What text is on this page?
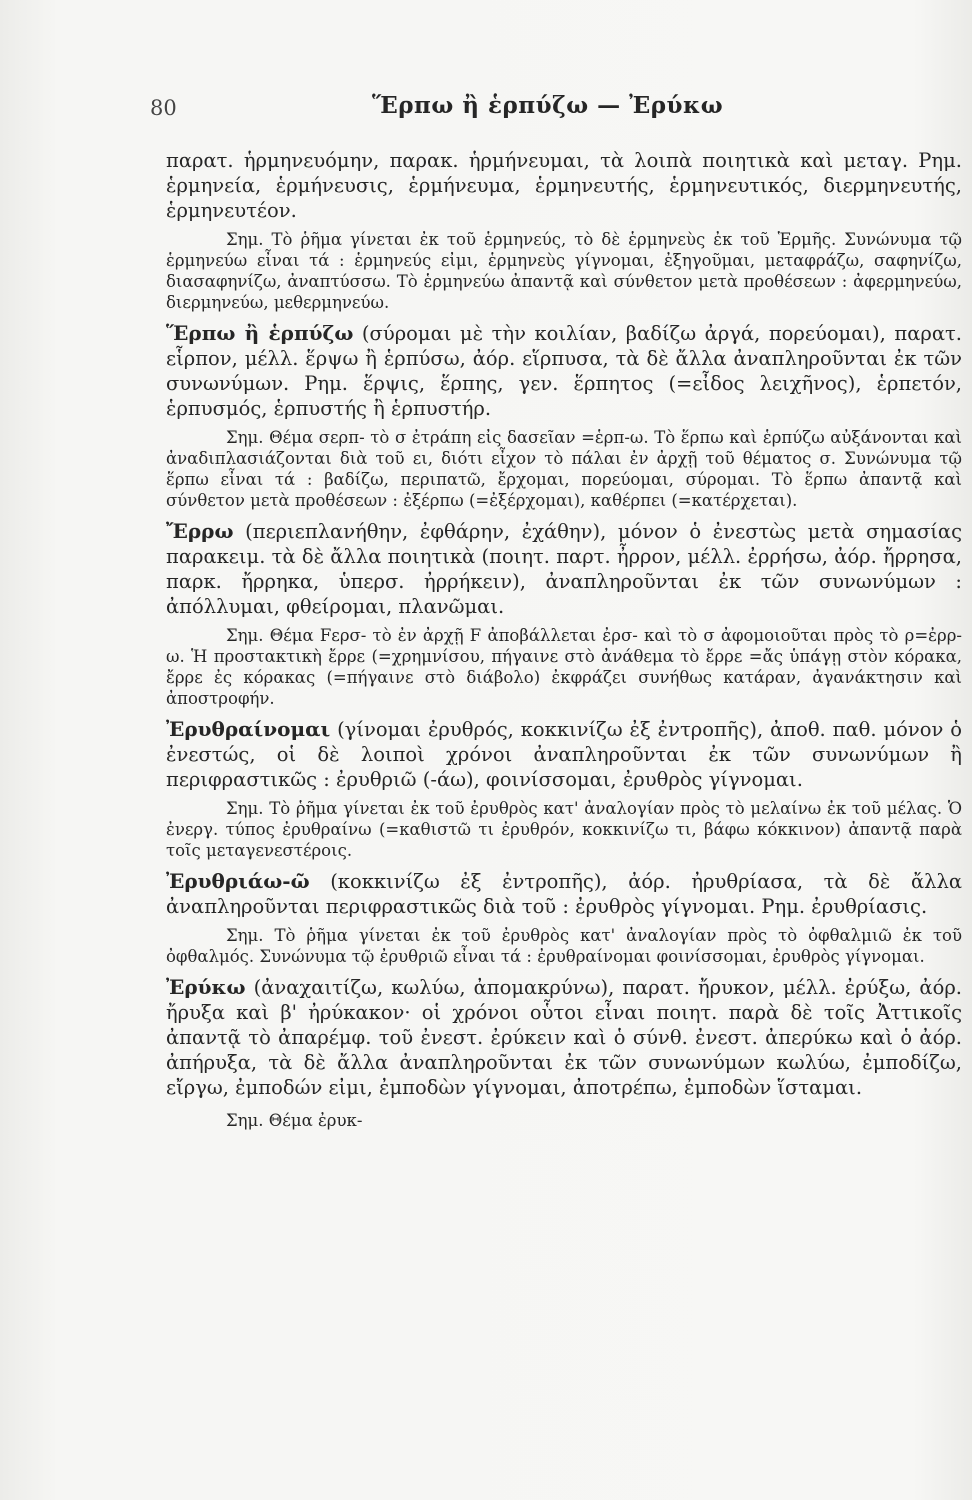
80	Ἕρπω ἢ ἑρπύζω — Ἐρύκω

παρατ. ἡρμηνευόμην, παρακ. ἡρμήνευμαι, τὰ λοιπὰ ποιητικὰ καὶ μεταγ. Ρημ. ἑρμηνεία, ἑρμήνευσις, ἑρμήνευμα, ἑρμηνευτής, ἑρμηνευτικός, διερμηνευτής, ἑρμηνευτέον.

Σημ. Τὸ ῥῆμα γίνεται ἐκ τοῦ ἑρμηνεύς, τὸ δὲ ἑρμηνεὺς ἐκ τοῦ Ἑρμῆς. Συνώνυμα τῷ ἑρμηνεύω εἶναι τά : ἑρμηνεύς εἰμι, ἑρμηνεὺς γίγνομαι, ἐξηγοῦμαι, μεταφράζω, σαφηνίζω, διασαφηνίζω, ἀναπτύσσω. Τὸ ἑρμηνεύω ἀπαντᾷ καὶ σύνθετον μετὰ προθέσεων : ἀφερμηνεύω, διερμηνεύω, μεθερμηνεύω.

Ἕρπω ἢ ἑρπύζω (σύρομαι μὲ τὴν κοιλίαν, βαδίζω ἀργά, πορεύομαι), παρατ. εἷρπον, μέλλ. ἕρψω ἢ ἑρπύσω, ἀόρ. εἵρπυσα, τὰ δὲ ἄλλα ἀναπληροῦνται ἐκ τῶν συνωνύμων. Ρημ. ἕρψις, ἕρπης, γεν. ἕρπητος (=εἶδος λειχῆνος), ἑρπετόν, ἑρπυσμός, ἑρπυστής ἢ ἑρπυστήρ.

Σημ. Θέμα σερπ- τὸ σ ἐτράπη εἰς δασεῖαν =ἑρπ-ω. Τὸ ἕρπω καὶ ἑρπύζω αὐξάνονται καὶ ἀναδιπλασιάζονται διὰ τοῦ ει, διότι εἶχον τὸ πάλαι ἐν ἀρχῇ τοῦ θέματος σ. Συνώνυμα τῷ ἕρπω εἶναι τά : βαδίζω, περιπατῶ, ἔρχομαι, πορεύομαι, σύρομαι. Τὸ ἕρπω ἀπαντᾷ καὶ σύνθετον μετὰ προθέσεων : ἐξέρπω (=ἐξέρχομαι), καθέρπει (=κατέρχεται).

Ἔρρω (περιεπλανήθην, ἐφθάρην, ἐχάθην), μόνον ὁ ἐνεστὼς μετὰ σημασίας παρακειμ. τὰ δὲ ἄλλα ποιητικὰ (ποιητ. παρτ. ἦρρον, μέλλ. ἐρρήσω, ἀόρ. ἤρρησα, παρκ. ἤρρηκα, ὑπερσ. ἠρρήκειν), ἀναπληροῦνται ἐκ τῶν συνωνύμων : ἀπόλλυμαι, φθείρομαι, πλανῶμαι.

Σημ. Θέμα Fερσ- τὸ ἐν ἀρχῇ F ἀποβάλλεται ἐρσ- καὶ τὸ σ ἀφομοιοῦται πρὸς τὸ ρ=ἐρρ-ω. Ἡ προστακτικὴ ἔρρε (=χρημνίσου, πήγαινε στὸ ἀνάθεμα τὸ ἔρρε =ἄς ὑπάγῃ στὸν κόρακα, ἔρρε ἐς κόρακας (=πήγαινε στὸ διάβολο) ἐκφράζει συνήθως κατάραν, ἀγανάκτησιν καὶ ἀποστροφήν.

Ἐρυθραίνομαι (γίνομαι ἐρυθρός, κοκκινίζω ἐξ ἐντροπῆς), ἀποθ. παθ. μόνον ὁ ἐνεστώς, οἱ δὲ λοιποὶ χρόνοι ἀναπληροῦνται ἐκ τῶν συνωνύμων ἢ περιφραστικῶς : ἐρυθριῶ (-άω), φοινίσσομαι, ἐρυθρὸς γίγνομαι.

Σημ. Τὸ ῥῆμα γίνεται ἐκ τοῦ ἐρυθρὸς κατ' ἀναλογίαν πρὸς τὸ μελαίνω ἐκ τοῦ μέλας. Ὁ ἐνεργ. τύπος ἐρυθραίνω (=καθιστῶ τι ἐρυθρόν, κοκκινίζω τι, βάφω κόκκινον) ἀπαντᾷ παρὰ τοῖς μεταγενεστέροις.

Ἐρυθριάω-ῶ (κοκκινίζω ἐξ ἐντροπῆς), ἀόρ. ἠρυθρίασα, τὰ δὲ ἄλλα ἀναπληροῦνται περιφραστικῶς διὰ τοῦ : ἐρυθρὸς γίγνομαι. Ρημ. ἐρυθρίασις.

Σημ. Τὸ ῥῆμα γίνεται ἐκ τοῦ ἐρυθρὸς κατ' ἀναλογίαν πρὸς τὸ ὀφθαλμιῶ ἐκ τοῦ ὀφθαλμός. Συνώνυμα τῷ ἐρυθριῶ εἶναι τά : ἐρυθραίνομαι φοινίσσομαι, ἐρυθρὸς γίγνομαι.

Ἐρύκω (ἀναχαιτίζω, κωλύω, ἀπομακρύνω), παρατ. ἤρυκον, μέλλ. ἐρύξω, ἀόρ. ἤρυξα καὶ β' ἠρύκακον· οἱ χρόνοι οὗτοι εἶναι ποιητ. παρὰ δὲ τοῖς Ἀττικοῖς ἀπαντᾷ τὸ ἀπαρέμφ. τοῦ ἐνεστ. ἐρύκειν καὶ ὁ σύνθ. ἐνεστ. ἀπερύκω καὶ ὁ ἀόρ. ἀπήρυξα, τὰ δὲ ἄλλα ἀναπληροῦνται ἐκ τῶν συνωνύμων κωλύω, ἐμποδίζω, εἴργω, ἐμποδών εἰμι, ἐμποδὼν γίγνομαι, ἀποτρέπω, ἐμποδὼν ἵσταμαι.

Σημ. Θέμα ἐρυκ-
